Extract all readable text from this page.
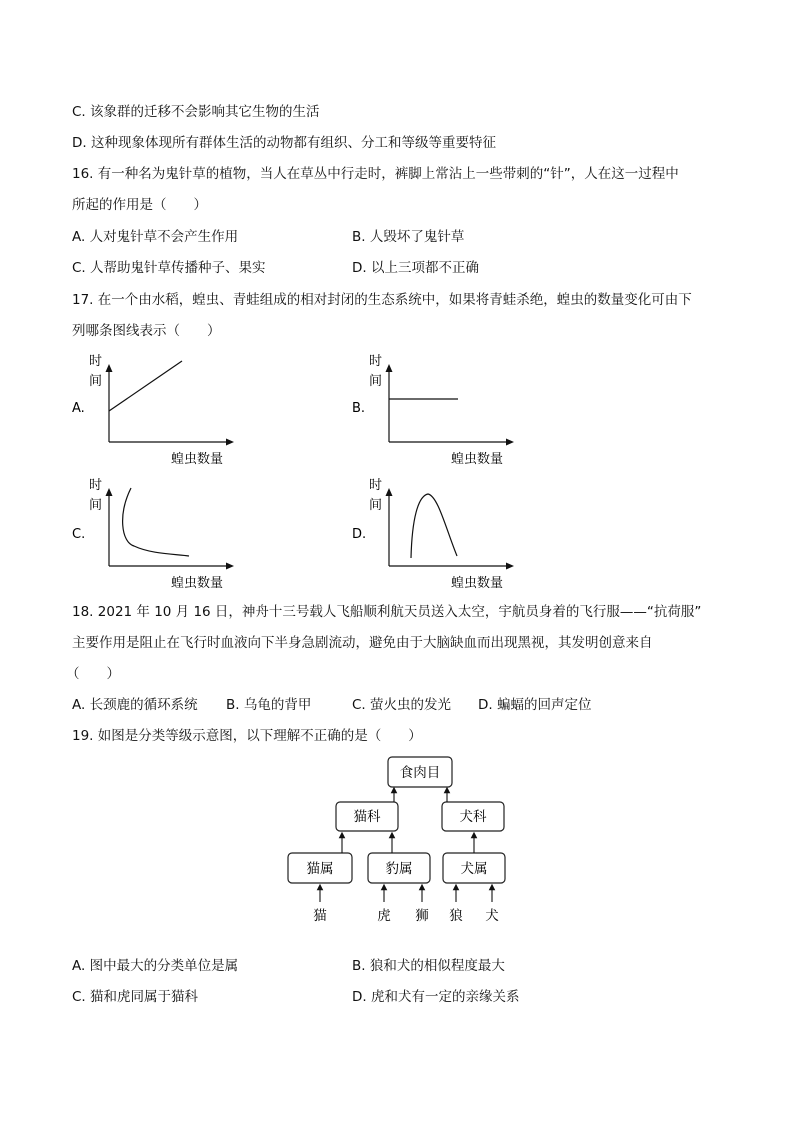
C. 该象群的迁移不会影响其它生物的生活
D. 这种现象体现所有群体生活的动物都有组织、分工和等级等重要特征
16. 有一种名为鬼针草的植物，当人在草丛中行走时，裤脚上常沾上一些带刺的“针”，人在这一过程中
所起的作用是（　　）
A. 人对鬼针草不会产生作用	B. 人毁坏了鬼针草
C. 人帮助鬼针草传播种子、果实	D. 以上三项都不正确
17. 在一个由水稻，蝗虫、青蛙组成的相对封闭的生态系统中，如果将青蛙杀绝，蝗虫的数量变化可由下
列哪条图线表示（　　）
A.
时
间
蝗虫数量
B.
时
间
蝗虫数量
C.
时
间
蝗虫数量
D.
时
间
蝗虫数量
18. 2021 年 10 月 16 日，神舟十三号载人飞船顺利航天员送入太空，宇航员身着的飞行服——“抗荷服”
主要作用是阻止在飞行时血液向下半身急剧流动，避免由于大脑缺血而出现黑视，其发明创意来自
（　　）
A. 长颈鹿的循环系统 B. 乌龟的背甲	C. 萤火虫的发光 D. 蝙蝠的回声定位
19. 如图是分类等级示意图，以下理解不正确的是（　　）
食肉目
猫科	犬科
猫属	豹属	犬属
猫	虎 狮 狼 犬
A. 图中最大的分类单位是属	B. 狼和犬的相似程度最大
C. 猫和虎同属于猫科	D. 虎和犬有一定的亲缘关系
